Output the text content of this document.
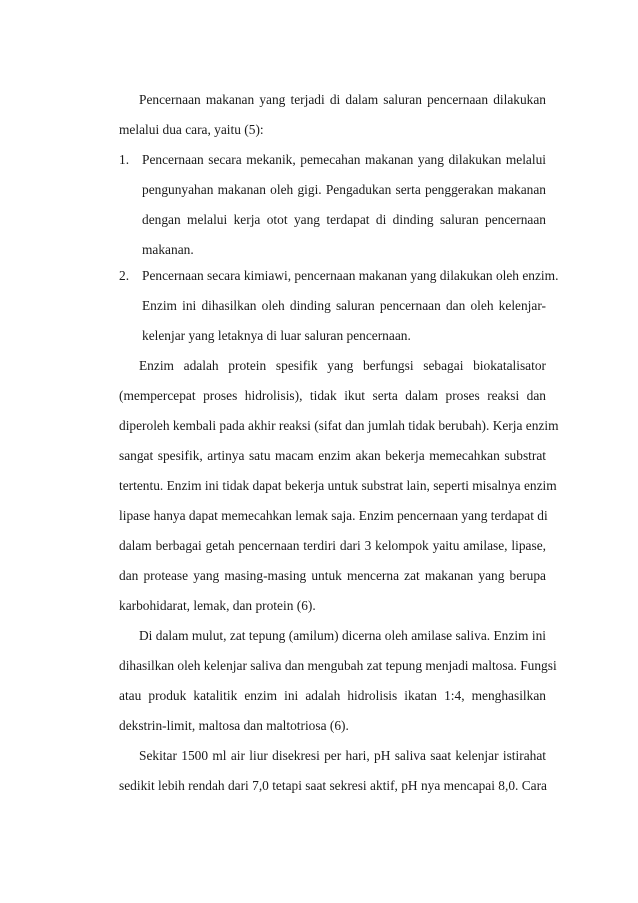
Pencernaan makanan yang terjadi di dalam saluran pencernaan dilakukan
melalui dua cara, yaitu (5):
1. Pencernaan secara mekanik, pemecahan makanan yang dilakukan melalui
pengunyahan makanan oleh gigi. Pengadukan serta penggerakan makanan
dengan melalui kerja otot yang terdapat di dinding saluran pencernaan
makanan.
2. Pencernaan secara kimiawi, pencernaan makanan yang dilakukan oleh enzim.
Enzim ini dihasilkan oleh dinding saluran pencernaan dan oleh kelenjar-
kelenjar yang letaknya di luar saluran pencernaan.
Enzim adalah protein spesifik yang berfungsi sebagai biokatalisator
(mempercepat proses hidrolisis), tidak ikut serta dalam proses reaksi dan
diperoleh kembali pada akhir reaksi (sifat dan jumlah tidak berubah). Kerja enzim
sangat spesifik, artinya satu macam enzim akan bekerja memecahkan substrat
tertentu. Enzim ini tidak dapat bekerja untuk substrat lain, seperti misalnya enzim
lipase hanya dapat memecahkan lemak saja. Enzim pencernaan yang terdapat di
dalam berbagai getah pencernaan terdiri dari 3 kelompok yaitu amilase, lipase,
dan protease yang masing-masing untuk mencerna zat makanan yang berupa
karbohidarat, lemak, dan protein (6).
Di dalam mulut, zat tepung (amilum) dicerna oleh amilase saliva. Enzim ini
dihasilkan oleh kelenjar saliva dan mengubah zat tepung menjadi maltosa. Fungsi
atau produk katalitik enzim ini adalah hidrolisis ikatan 1:4, menghasilkan
dekstrin-limit, maltosa dan maltotriosa (6).
Sekitar 1500 ml air liur disekresi per hari, pH saliva saat kelenjar istirahat
sedikit lebih rendah dari 7,0 tetapi saat sekresi aktif, pH nya mencapai 8,0. Cara
